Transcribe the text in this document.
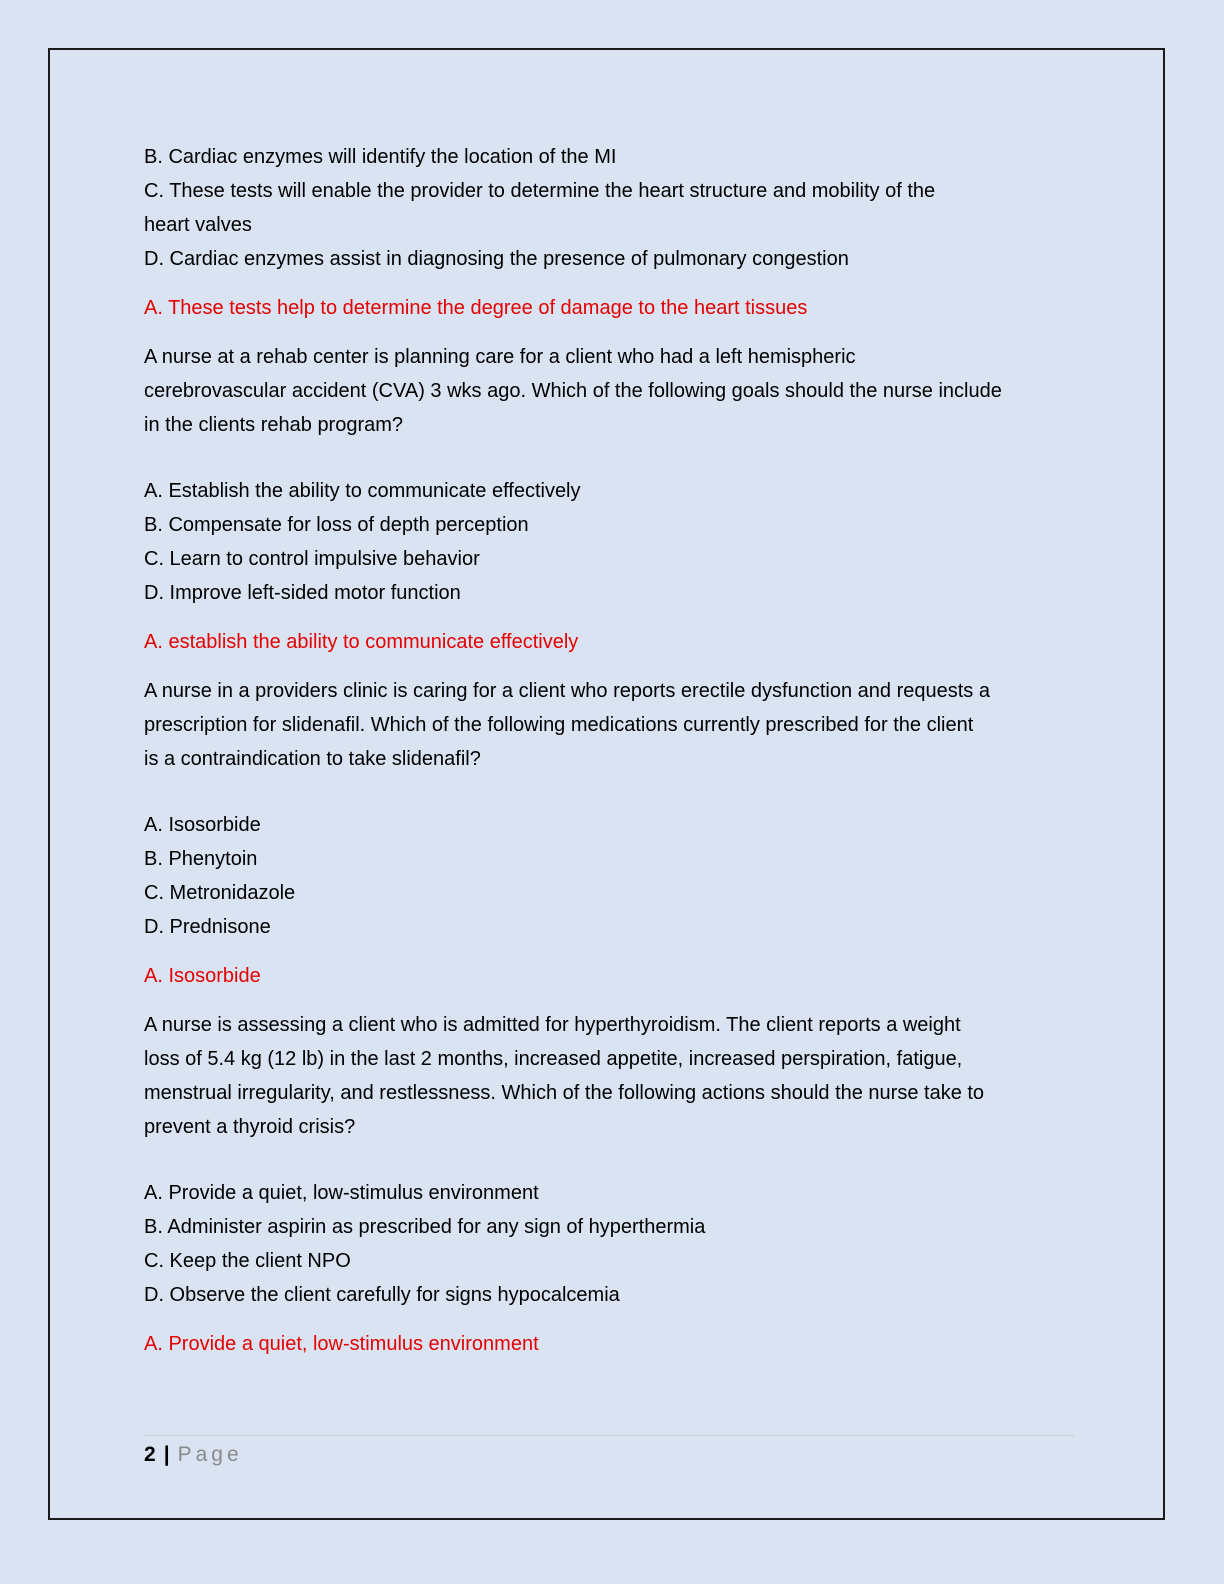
B. Cardiac enzymes will identify the location of the MI

C. These tests will enable the provider to determine the heart structure and mobility of the

heart valves

D. Cardiac enzymes assist in diagnosing the presence of pulmonary congestion

A. These tests help to determine the degree of damage to the heart tissues

A nurse at a rehab center is planning care for a client who had a left hemispheric

cerebrovascular accident (CVA) 3 wks ago. Which of the following goals should the nurse include

in the clients rehab program?

A. Establish the ability to communicate effectively

B. Compensate for loss of depth perception

C. Learn to control impulsive behavior

D. Improve left-sided motor function

A. establish the ability to communicate effectively

A nurse in a providers clinic is caring for a client who reports erectile dysfunction and requests a

prescription for slidenafil. Which of the following medications currently prescribed for the client

is a contraindication to take slidenafil?

A. Isosorbide

B. Phenytoin

C. Metronidazole

D. Prednisone

A. Isosorbide

A nurse is assessing a client who is admitted for hyperthyroidism. The client reports a weight

loss of 5.4 kg (12 lb) in the last 2 months, increased appetite, increased perspiration, fatigue,

menstrual irregularity, and restlessness. Which of the following actions should the nurse take to

prevent a thyroid crisis?

A. Provide a quiet, low-stimulus environment

B. Administer aspirin as prescribed for any sign of hyperthermia

C. Keep the client NPO

D. Observe the client carefully for signs hypocalcemia

A. Provide a quiet, low-stimulus environment

2 | Page
